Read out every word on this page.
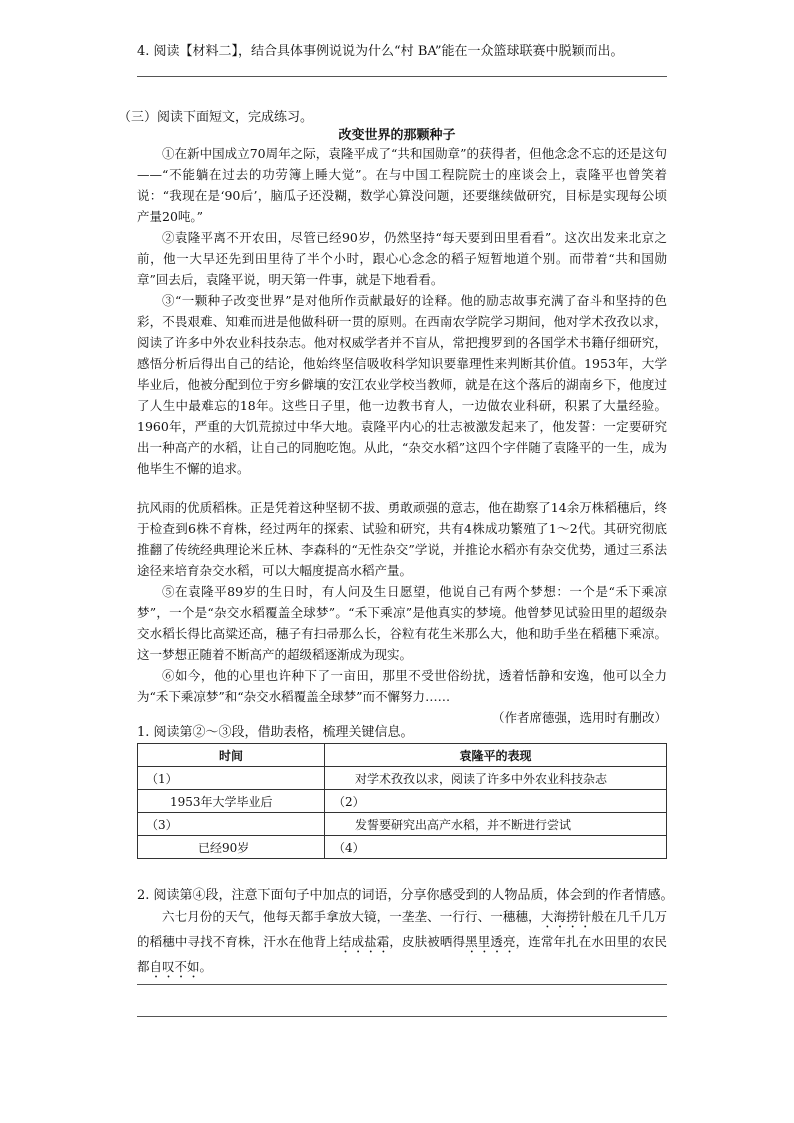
4. 阅读【材料二】，结合具体事例说说为什么“村 BA”能在一众篮球联赛中脱颖而出。
（三）阅读下面短文，完成练习。
改变世界的那颗种子

①在新中国成立70周年之际，袁隆平成了“共和国勋章”的获得者，但他念念不忘的还是这句——“不能躺在过去的功劳簿上睡大觉”。在与中国工程院院士的座谈会上，袁隆平也曾笑着说：“我现在是‘90后’，脑瓜子还没糊，数学心算没问题，还要继续做研究，目标是实现每公顷产量20吨。”

②袁隆平离不开农田，尽管已经90岁，仍然坚持“每天要到田里看看”。这次出发来北京之前，他一大早还先到田里待了半个小时，跟心心念念的稻子短暂地道个别。而带着“共和国勋章”回去后，袁隆平说，明天第一件事，就是下地看看。

③“一颗种子改变世界”是对他所作贡献最好的诠释。他的励志故事充满了奋斗和坚持的色彩，不畏艰难、知难而进是他做科研一贯的原则。在西南农学院学习期间，他对学术孜孜以求，阅读了许多中外农业科技杂志。他对权威学者并不盲从，常把搜罗到的各国学术书籍仔细研究，感悟分析后得出自己的结论，他始终坚信吸收科学知识要靠理性来判断其价值。1953年，大学毕业后，他被分配到位于穷乡僻壤的安江农业学校当教师，就是在这个落后的湖南乡下，他度过了人生中最难忘的18年。这些日子里，他一边教书育人，一边做农业科研，积累了大量经验。1960年，严重的大饥荒掠过中华大地。袁隆平内心的壮志被激发起来了，他发誓：一定要研究出一种高产的水稻，让自己的同胞吃饱。从此，“杂交水稻”这四个字伴随了袁隆平的一生，成为他毕生不懈的追求。

抗风雨的优质稻株。正是凭着这种坚韧不拔、勇敢顽强的意志，他在勘察了14余万株稻穗后，终于检查到6株不育株，经过两年的探索、试验和研究，共有4株成功繁殖了1～2代。其研究彻底推翻了传统经典理论米丘林、李森科的“无性杂交”学说，并推论水稻亦有杂交优势，通过三系法途径来培育杂交水稻，可以大幅度提高水稻产量。

⑤在袁隆平89岁的生日时，有人问及生日愿望，他说自己有两个梦想：一个是“禾下乘凉梦”，一个是“杂交水稻覆盖全球梦”。“禾下乘凉”是他真实的梦境。他曾梦见试验田里的超级杂交水稻长得比高粱还高，穗子有扫帚那么长，谷粒有花生米那么大，他和助手坐在稻穗下乘凉。这一梦想正随着不断高产的超级稻逐渐成为现实。

⑥如今，他的心里也许种下了一亩田，那里不受世俗纷扰，透着恬静和安逸，他可以全力为“禾下乘凉梦”和“杂交水稻覆盖全球梦”而不懈努力……

（作者席德强，选用时有删改）

1. 阅读第②～③段，借助表格，梳理关键信息。
时间	袁隆平的表现
（1）	对学术孜孜以求，阅读了许多中外农业科技杂志
1953年大学毕业后	（2）
（3）	发誓要研究出高产水稻，并不断进行尝试
已经90岁	（4）
2. 阅读第④段，注意下面句子中加点的词语，分享你感受到的人物品质，体会到的作者情感。

六七月份的天气，他每天都手拿放大镜，一垄垄、一行行、一穗穗，大海捞针般在几千几万的稻穗中寻找不育株，汗水在他背上结成盐霜，皮肤被晒得黑里透亮，连常年扎在水田里的农民都自叹不如。
